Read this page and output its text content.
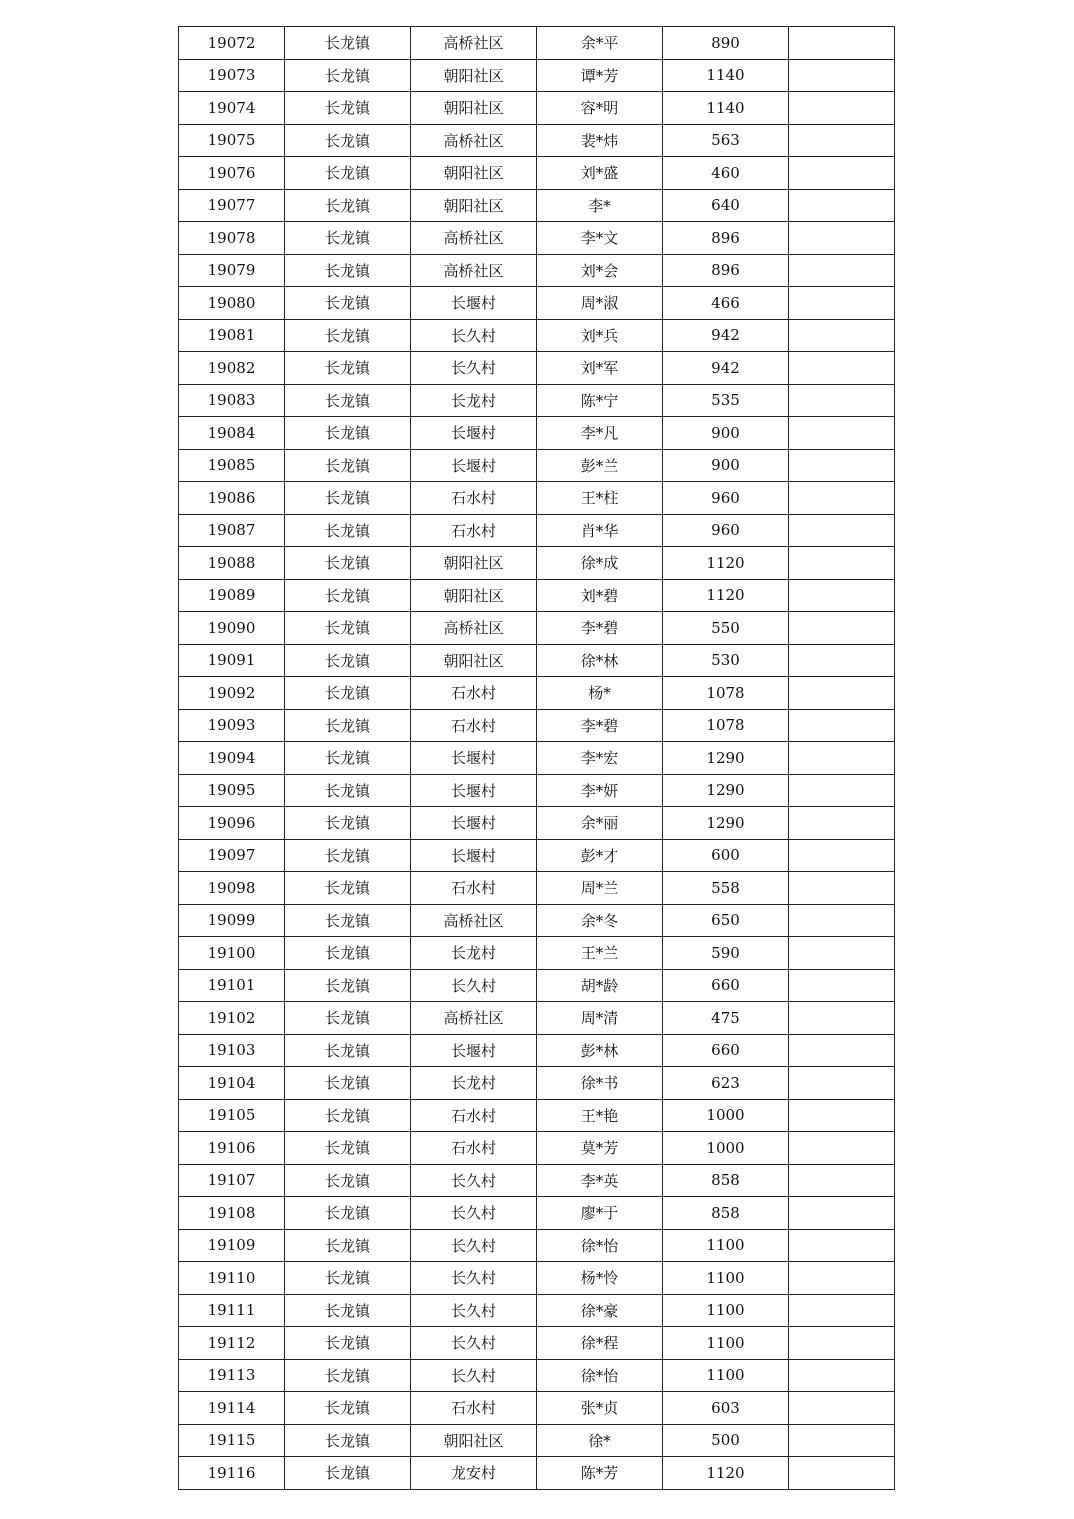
19072	长龙镇	高桥社区	余*平	890	
19073	长龙镇	朝阳社区	谭*芳	1140	
19074	长龙镇	朝阳社区	容*明	1140	
19075	长龙镇	高桥社区	裴*炜	563	
19076	长龙镇	朝阳社区	刘*盛	460	
19077	长龙镇	朝阳社区	李*	640	
19078	长龙镇	高桥社区	李*文	896	
19079	长龙镇	高桥社区	刘*会	896	
19080	长龙镇	长堰村	周*淑	466	
19081	长龙镇	长久村	刘*兵	942	
19082	长龙镇	长久村	刘*军	942	
19083	长龙镇	长龙村	陈*宁	535	
19084	长龙镇	长堰村	李*凡	900	
19085	长龙镇	长堰村	彭*兰	900	
19086	长龙镇	石水村	王*柱	960	
19087	长龙镇	石水村	肖*华	960	
19088	长龙镇	朝阳社区	徐*成	1120	
19089	长龙镇	朝阳社区	刘*碧	1120	
19090	长龙镇	高桥社区	李*碧	550	
19091	长龙镇	朝阳社区	徐*林	530	
19092	长龙镇	石水村	杨*	1078	
19093	长龙镇	石水村	李*碧	1078	
19094	长龙镇	长堰村	李*宏	1290	
19095	长龙镇	长堰村	李*妍	1290	
19096	长龙镇	长堰村	余*丽	1290	
19097	长龙镇	长堰村	彭*才	600	
19098	长龙镇	石水村	周*兰	558	
19099	长龙镇	高桥社区	余*冬	650	
19100	长龙镇	长龙村	王*兰	590	
19101	长龙镇	长久村	胡*龄	660	
19102	长龙镇	高桥社区	周*清	475	
19103	长龙镇	长堰村	彭*林	660	
19104	长龙镇	长龙村	徐*书	623	
19105	长龙镇	石水村	王*艳	1000	
19106	长龙镇	石水村	莫*芳	1000	
19107	长龙镇	长久村	李*英	858	
19108	长龙镇	长久村	廖*于	858	
19109	长龙镇	长久村	徐*怡	1100	
19110	长龙镇	长久村	杨*怜	1100	
19111	长龙镇	长久村	徐*豪	1100	
19112	长龙镇	长久村	徐*程	1100	
19113	长龙镇	长久村	徐*怡	1100	
19114	长龙镇	石水村	张*贞	603	
19115	长龙镇	朝阳社区	徐*	500	
19116	长龙镇	龙安村	陈*芳	1120	
